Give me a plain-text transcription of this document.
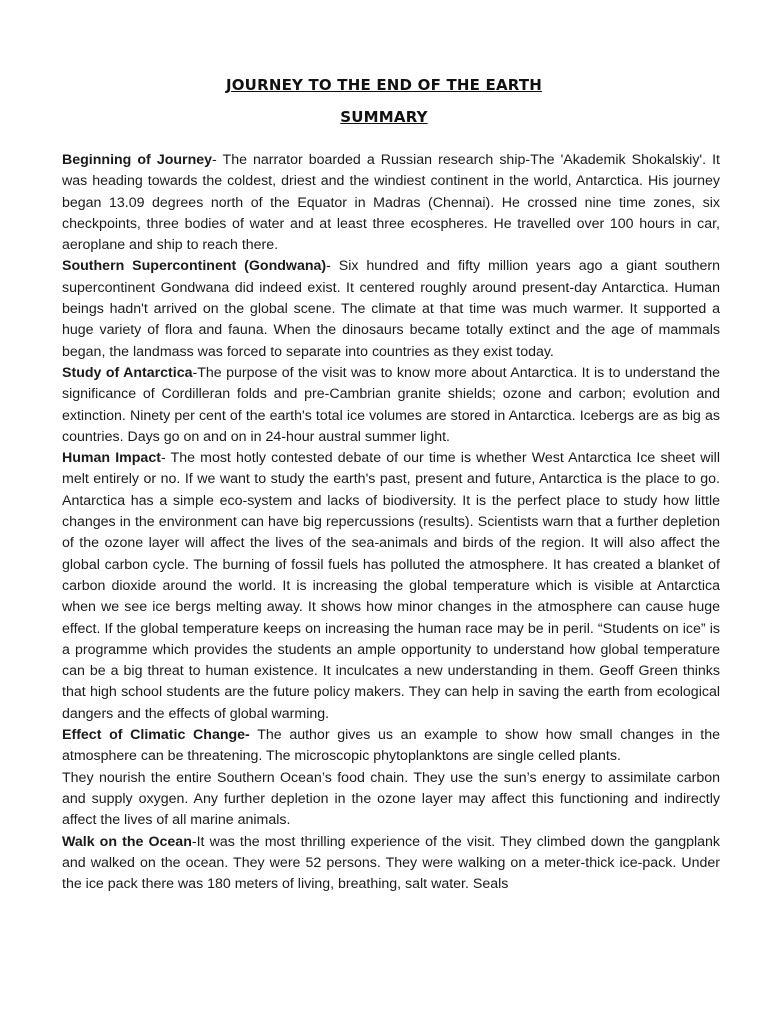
JOURNEY TO THE END OF THE EARTH
SUMMARY

Beginning of Journey- The narrator boarded a Russian research ship-The 'Akademik Shokalskiy'. It was heading towards the coldest, driest and the windiest continent in the world, Antarctica. His journey began 13.09 degrees north of the Equator in Madras (Chennai). He crossed nine time zones, six checkpoints, three bodies of water and at least three ecospheres. He travelled over 100 hours in car, aeroplane and ship to reach there.

Southern Supercontinent (Gondwana)- Six hundred and fifty million years ago a giant southern supercontinent Gondwana did indeed exist. It centered roughly around present-day Antarctica. Human beings hadn't arrived on the global scene. The climate at that time was much warmer. It supported a huge variety of flora and fauna. When the dinosaurs became totally extinct and the age of mammals began, the landmass was forced to separate into countries as they exist today.

Study of Antarctica-The purpose of the visit was to know more about Antarctica. It is to understand the significance of Cordilleran folds and pre-Cambrian granite shields; ozone and carbon; evolution and extinction. Ninety per cent of the earth's total ice volumes are stored in Antarctica. Icebergs are as big as countries. Days go on and on in 24-hour austral summer light.

Human Impact- The most hotly contested debate of our time is whether West Antarctica Ice sheet will melt entirely or no. If we want to study the earth's past, present and future, Antarctica is the place to go. Antarctica has a simple eco-system and lacks of biodiversity. It is the perfect place to study how little changes in the environment can have big repercussions (results). Scientists warn that a further depletion of the ozone layer will affect the lives of the sea-animals and birds of the region. It will also affect the global carbon cycle. The burning of fossil fuels has polluted the atmosphere. It has created a blanket of carbon dioxide around the world. It is increasing the global temperature which is visible at Antarctica when we see ice bergs melting away. It shows how minor changes in the atmosphere can cause huge effect. If the global temperature keeps on increasing the human race may be in peril. “Students on ice” is a programme which provides the students an ample opportunity to understand how global temperature can be a big threat to human existence. It inculcates a new understanding in them. Geoff Green thinks that high school students are the future policy makers. They can help in saving the earth from ecological dangers and the effects of global warming.

Effect of Climatic Change- The author gives us an example to show how small changes in the atmosphere can be threatening. The microscopic phytoplanktons are single celled plants.

They nourish the entire Southern Ocean’s food chain. They use the sun’s energy to assimilate carbon and supply oxygen. Any further depletion in the ozone layer may affect this functioning and indirectly affect the lives of all marine animals.

Walk on the Ocean-It was the most thrilling experience of the visit. They climbed down the gangplank and walked on the ocean. They were 52 persons. They were walking on a meter-thick ice-pack. Under the ice pack there was 180 meters of living, breathing, salt water. Seals
